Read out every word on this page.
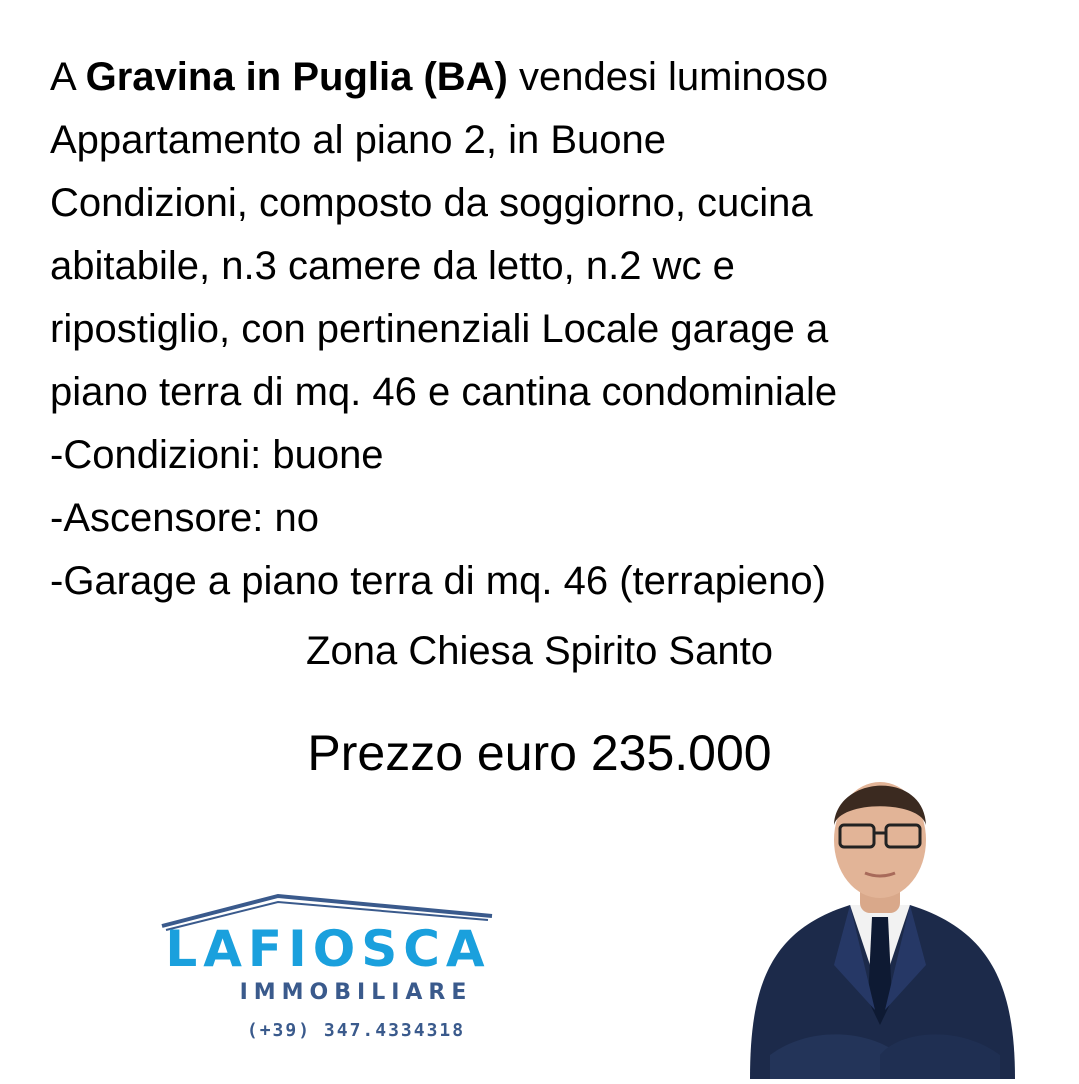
A Gravina in Puglia (BA) vendesi luminoso
Appartamento al piano 2, in Buone
Condizioni, composto da soggiorno, cucina
abitabile, n.3 camere da letto, n.2 wc e
ripostiglio, con pertinenziali Locale garage a
piano terra di mq. 46 e cantina condominiale
-Condizioni: buone
-Ascensore: no
-Garage a piano terra di mq. 46 (terrapieno)
Zona Chiesa Spirito Santo
Prezzo euro 235.000
LAFIOSCA
IMMOBILIARE
(+39) 347.4334318
